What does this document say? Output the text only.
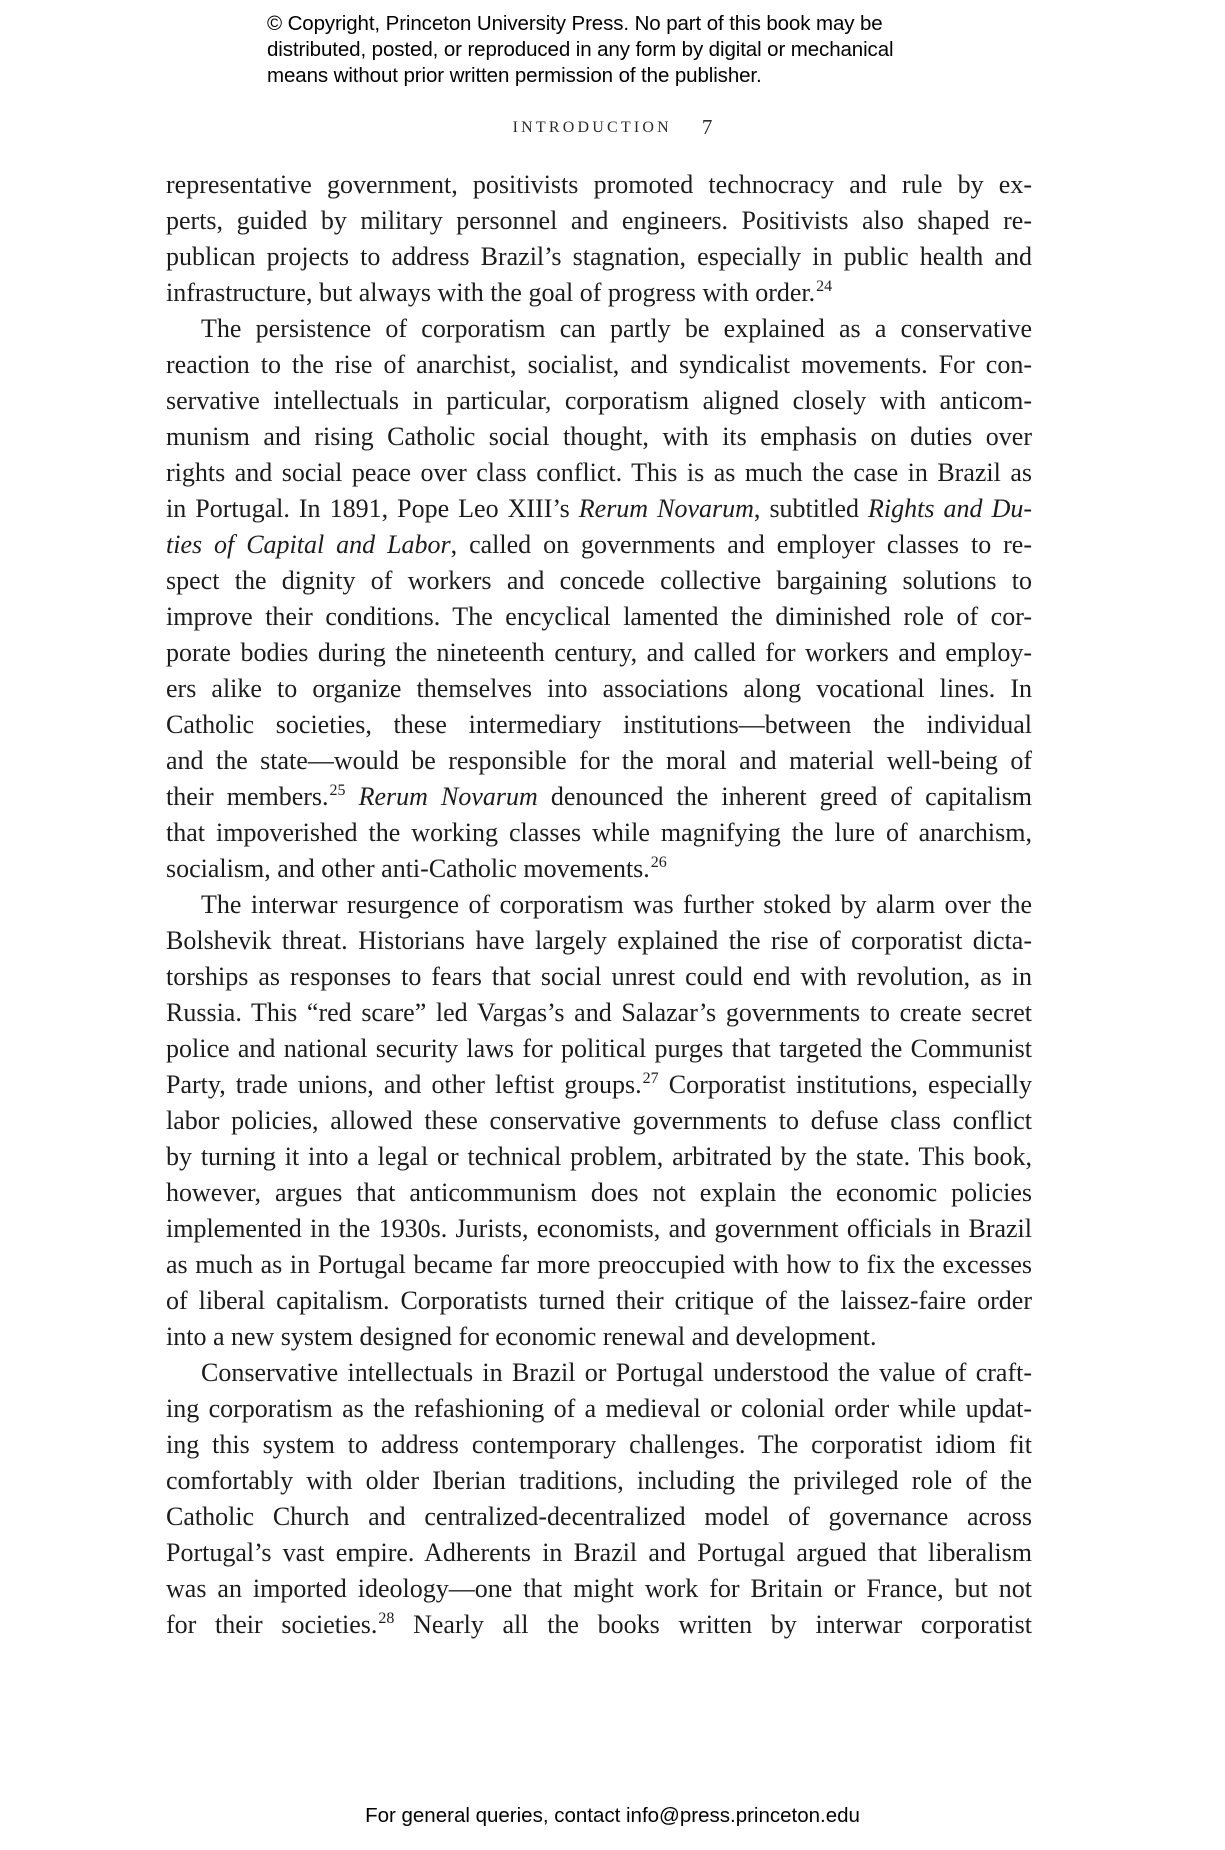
© Copyright, Princeton University Press. No part of this book may be
distributed, posted, or reproduced in any form by digital or mechanical
means without prior written permission of the publisher.
INTRODUCTION 7
representative government, positivists promoted technocracy and rule by ex-
perts, guided by military personnel and engineers. Positivists also shaped re-
publican projects to address Brazil’s stagnation, especially in public health and
infrastructure, but always with the goal of progress with order.$^{24}$
The persistence of corporatism can partly be explained as a conservative
reaction to the rise of anarchist, socialist, and syndicalist movements. For con-
servative intellectuals in particular, corporatism aligned closely with anticom-
munism and rising Catholic social thought, with its emphasis on duties over
rights and social peace over class conflict. This is as much the case in Brazil as
in Portugal. In 1891, Pope Leo XIII’s Rerum Novarum, subtitled Rights and Du-
ties of Capital and Labor, called on governments and employer classes to re-
spect the dignity of workers and concede collective bargaining solutions to
improve their conditions. The encyclical lamented the diminished role of cor-
porate bodies during the nineteenth century, and called for workers and employ-
ers alike to organize themselves into associations along vocational lines. In
Catholic societies, these intermediary institutions—between the individual
and the state—would be responsible for the moral and material well-being of
their members.$^{25}$ Rerum Novarum denounced the inherent greed of capitalism
that impoverished the working classes while magnifying the lure of anarchism,
socialism, and other anti-Catholic movements.$^{26}$
The interwar resurgence of corporatism was further stoked by alarm over the
Bolshevik threat. Historians have largely explained the rise of corporatist dicta-
torships as responses to fears that social unrest could end with revolution, as in
Russia. This “red scare” led Vargas’s and Salazar’s governments to create secret
police and national security laws for political purges that targeted the Communist
Party, trade unions, and other leftist groups.$^{27}$ Corporatist institutions, especially
labor policies, allowed these conservative governments to defuse class conflict
by turning it into a legal or technical problem, arbitrated by the state. This book,
however, argues that anticommunism does not explain the economic policies
implemented in the 1930s. Jurists, economists, and government officials in Brazil
as much as in Portugal became far more preoccupied with how to fix the excesses
of liberal capitalism. Corporatists turned their critique of the laissez-faire order
into a new system designed for economic renewal and development.
Conservative intellectuals in Brazil or Portugal understood the value of craft-
ing corporatism as the refashioning of a medieval or colonial order while updat-
ing this system to address contemporary challenges. The corporatist idiom fit
comfortably with older Iberian traditions, including the privileged role of the
Catholic Church and centralized-decentralized model of governance across
Portugal’s vast empire. Adherents in Brazil and Portugal argued that liberalism
was an imported ideology—one that might work for Britain or France, but not
for their societies.$^{28}$ Nearly all the books written by interwar corporatist
For general queries, contact info@press.princeton.edu
